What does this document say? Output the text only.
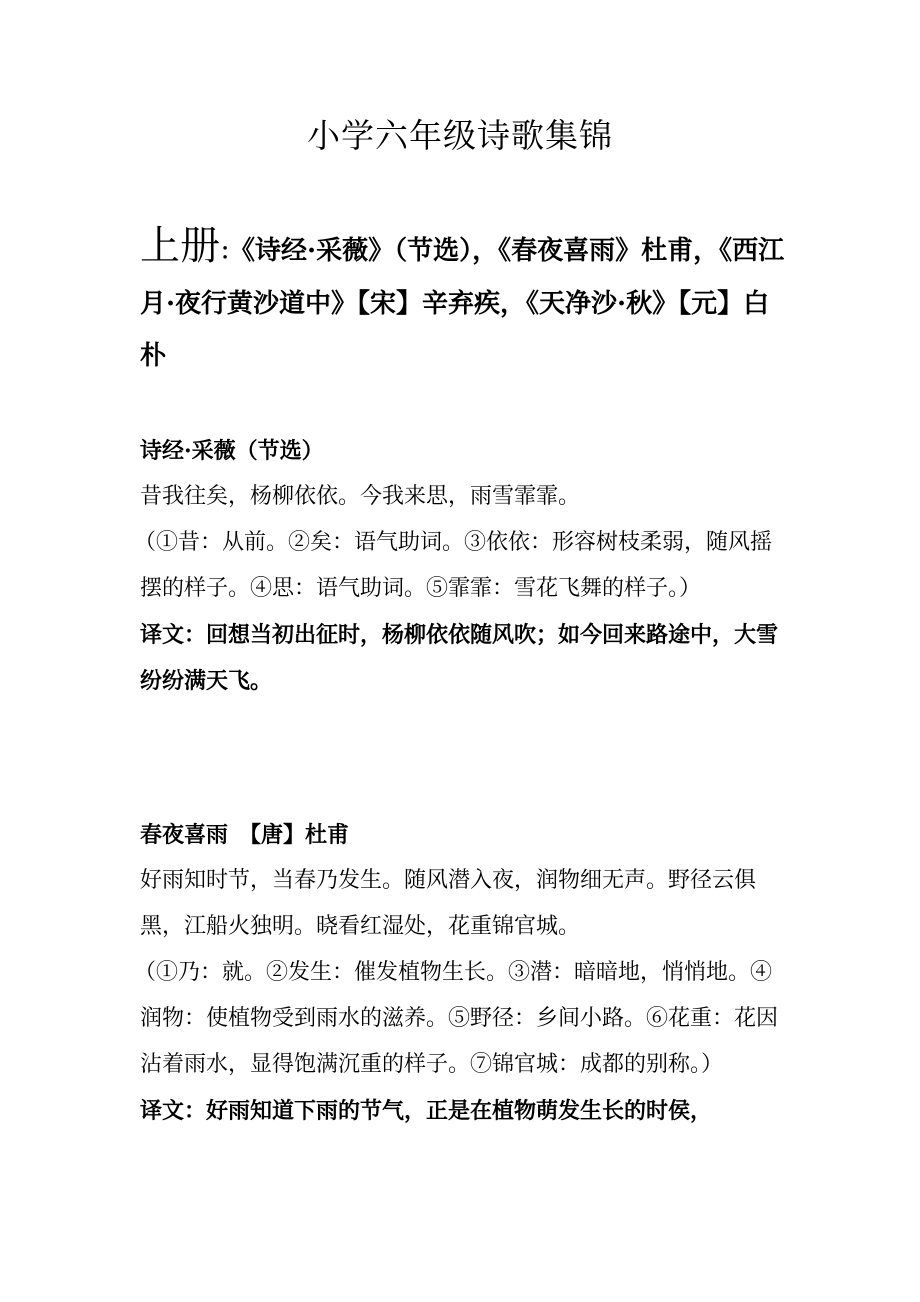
小学六年级诗歌集锦

上册：《诗经·采薇》（节选），《春夜喜雨》杜甫，《西江月·夜行黄沙道中》【宋】辛弃疾，《天净沙·秋》【元】白朴

诗经·采薇（节选）

昔我往矣，杨柳依依。今我来思，雨雪霏霏。

（①昔：从前。②矣：语气助词。③依依：形容树枝柔弱，随风摇摆的样子。④思：语气助词。⑤霏霏：雪花飞舞的样子。）

译文：回想当初出征时，杨柳依依随风吹；如今回来路途中，大雪纷纷满天飞。

春夜喜雨　【唐】杜甫

好雨知时节，当春乃发生。随风潜入夜，润物细无声。野径云俱黑，江船火独明。晓看红湿处，花重锦官城。

（①乃：就。②发生：催发植物生长。③潜：暗暗地，悄悄地。④润物：使植物受到雨水的滋养。⑤野径：乡间小路。⑥花重：花因沾着雨水，显得饱满沉重的样子。⑦锦官城：成都的别称。）

译文：好雨知道下雨的节气，正是在植物萌发生长的时侯，
